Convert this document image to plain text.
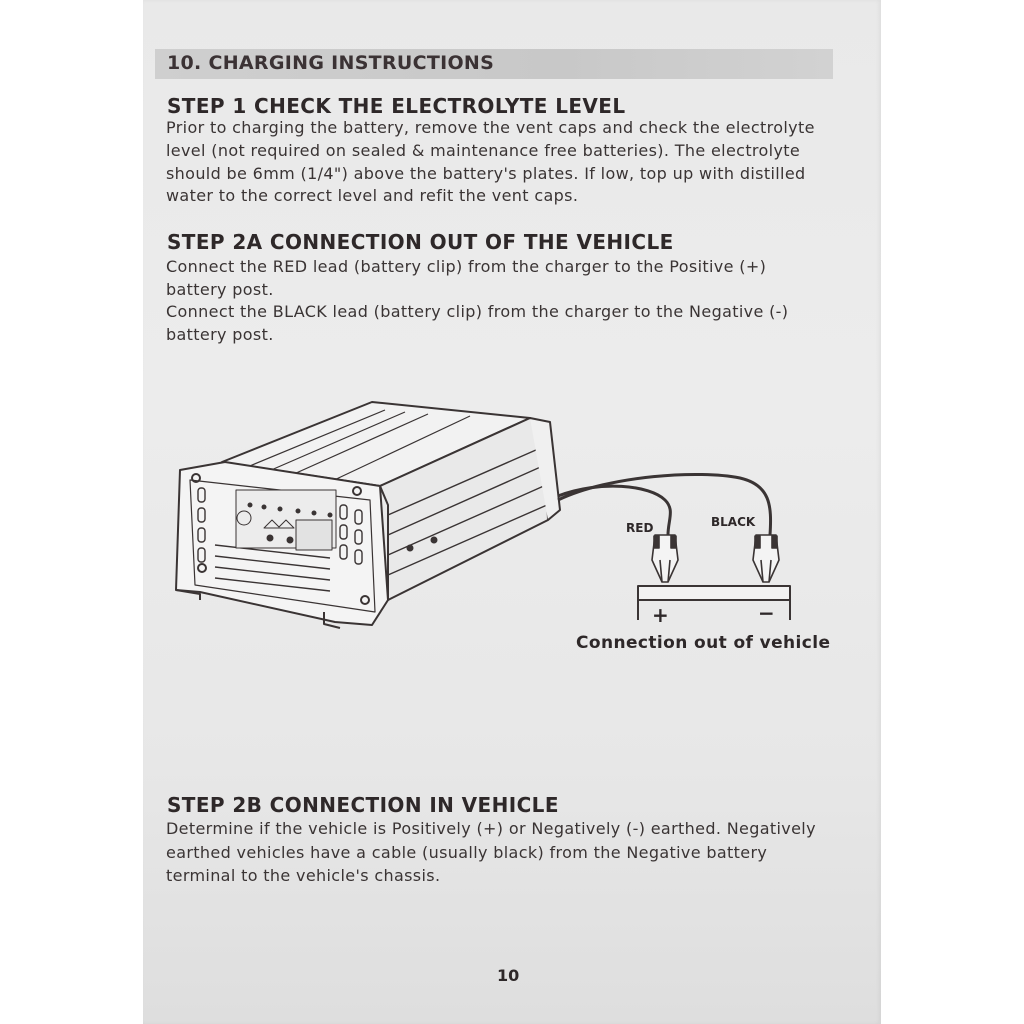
10. CHARGING INSTRUCTIONS
STEP 1 CHECK THE ELECTROLYTE LEVEL
Prior to charging the battery, remove the vent caps and check the electrolyte
level (not required on sealed & maintenance free batteries). The electrolyte
should be 6mm (1/4") above the battery's plates. If low, top up with distilled
water to the correct level and refit the vent caps.
STEP 2A CONNECTION OUT OF THE VEHICLE
Connect the RED lead (battery clip) from the charger to the Positive (+)
battery post.
Connect the BLACK lead (battery clip) from the charger to the Negative (-)
battery post.
RED	BLACK
+	−
Connection out of vehicle
STEP 2B CONNECTION IN VEHICLE
Determine if the vehicle is Positively (+) or Negatively (-) earthed. Negatively
earthed vehicles have a cable (usually black) from the Negative battery
terminal to the vehicle's chassis.
10
